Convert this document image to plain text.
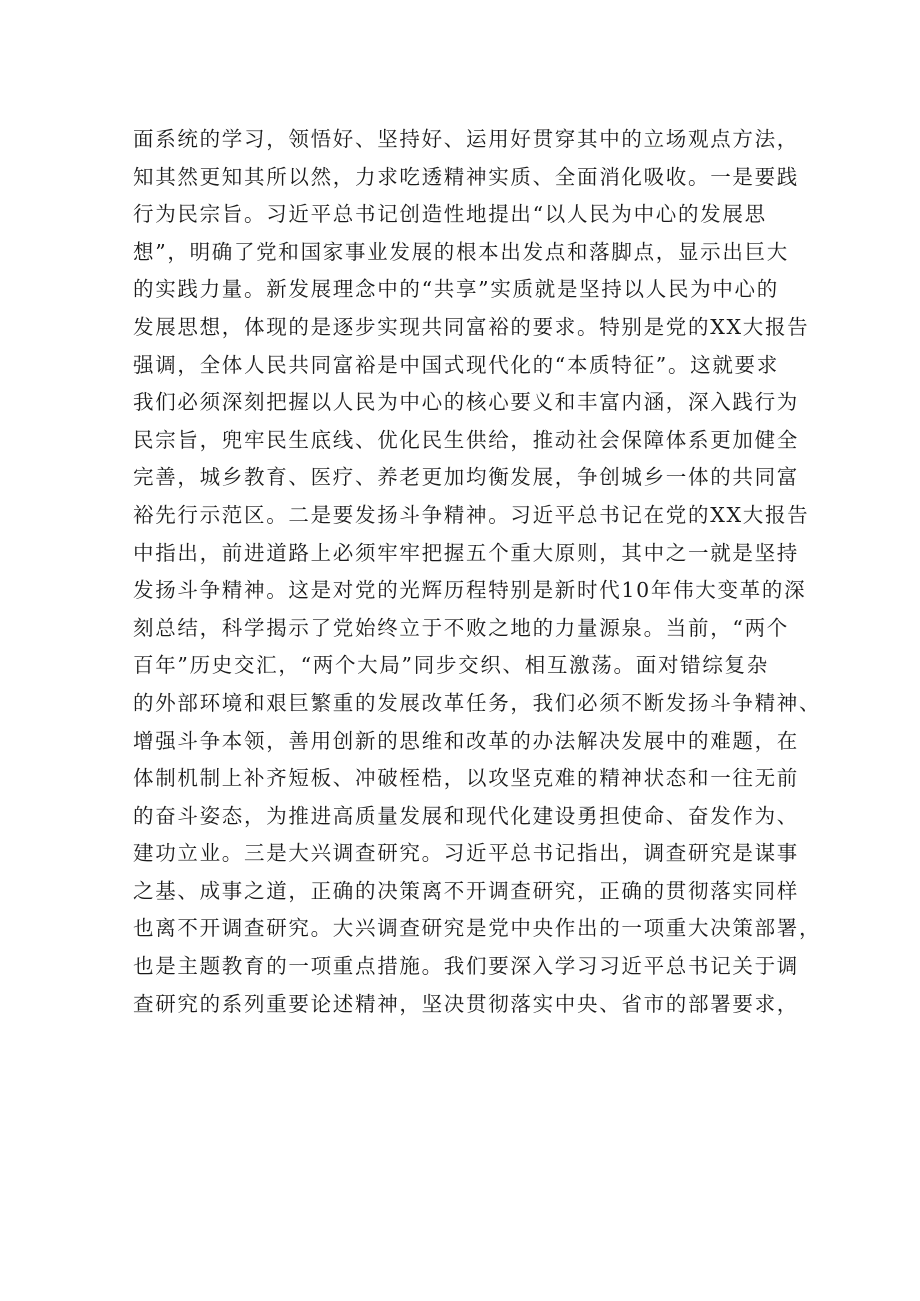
面系统的学习，领悟好、坚持好、运用好贯穿其中的立场观点方法，
知其然更知其所以然，力求吃透精神实质、全面消化吸收。一是要践
行为民宗旨。习近平总书记创造性地提出“以人民为中心的发展思
想”，明确了党和国家事业发展的根本出发点和落脚点，显示出巨大
的实践力量。新发展理念中的“共享”实质就是坚持以人民为中心的
发展思想，体现的是逐步实现共同富裕的要求。特别是党的XX大报告
强调，全体人民共同富裕是中国式现代化的“本质特征”。这就要求
我们必须深刻把握以人民为中心的核心要义和丰富内涵，深入践行为
民宗旨，兜牢民生底线、优化民生供给，推动社会保障体系更加健全
完善，城乡教育、医疗、养老更加均衡发展，争创城乡一体的共同富
裕先行示范区。二是要发扬斗争精神。习近平总书记在党的XX大报告
中指出，前进道路上必须牢牢把握五个重大原则，其中之一就是坚持
发扬斗争精神。这是对党的光辉历程特别是新时代10年伟大变革的深
刻总结，科学揭示了党始终立于不败之地的力量源泉。当前，“两个
百年”历史交汇，“两个大局”同步交织、相互激荡。面对错综复杂
的外部环境和艰巨繁重的发展改革任务，我们必须不断发扬斗争精神、
增强斗争本领，善用创新的思维和改革的办法解决发展中的难题，在
体制机制上补齐短板、冲破桎梏，以攻坚克难的精神状态和一往无前
的奋斗姿态，为推进高质量发展和现代化建设勇担使命、奋发作为、
建功立业。三是大兴调查研究。习近平总书记指出，调查研究是谋事
之基、成事之道，正确的决策离不开调查研究，正确的贯彻落实同样
也离不开调查研究。大兴调查研究是党中央作出的一项重大决策部署，
也是主题教育的一项重点措施。我们要深入学习习近平总书记关于调
查研究的系列重要论述精神，坚决贯彻落实中央、省市的部署要求，
